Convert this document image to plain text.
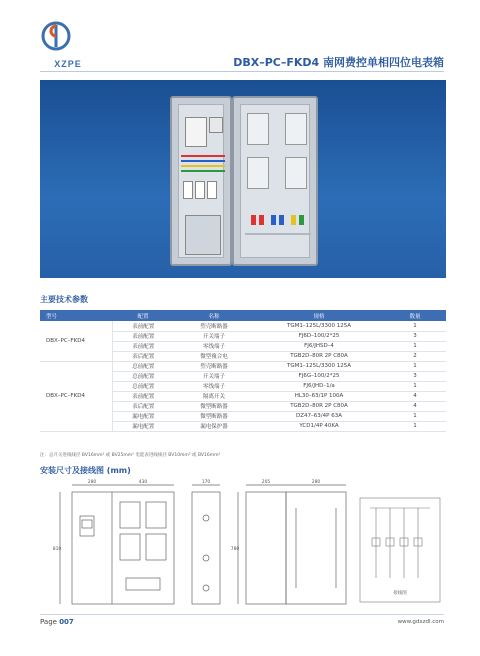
XZPE	DBX–PC–FKD4 南网费控单相四位电表箱
主要技术参数
型号	配置	名称	规格	数量
DBX–PC–FKD4	表前配置	塑壳断路器	TGM1–125L/3300 125A	1
	表前配置	开关端子	FJ6D–100/2*25	3
	表前配置	零线端子	FJ6/JHSD–4	1
	表后配置	微型複合电	TGB2D–80R 2P C80A	2
DBX–PC–FKD4	总前配置	塑壳断路器	TGM1–125L/3300 125A	1
	总前配置	开关端子	FJ6G–100/2*25	3
	总前配置	零线端子	FJ6/JHD–1/a	1
	表前配置	隔离开关	HL30–63/1P 100A	4
	表后配置	微型断路器	TGB2D–80R 2P C80A	4
	漏电配置	微型断路器	DZ47–63/4P 63A	1
	漏电配置	漏电保护器	YCD1/4P 40KA	1
注：总开关进线线径 BV16mm² 或 BV25mm² 电能表进线线径 BV10mm² 或 BV16mm²
安装尺寸及接线图 (mm)
280	430
810
170	205	280
780
接线图
Page 007	www.gdxzdl.com
